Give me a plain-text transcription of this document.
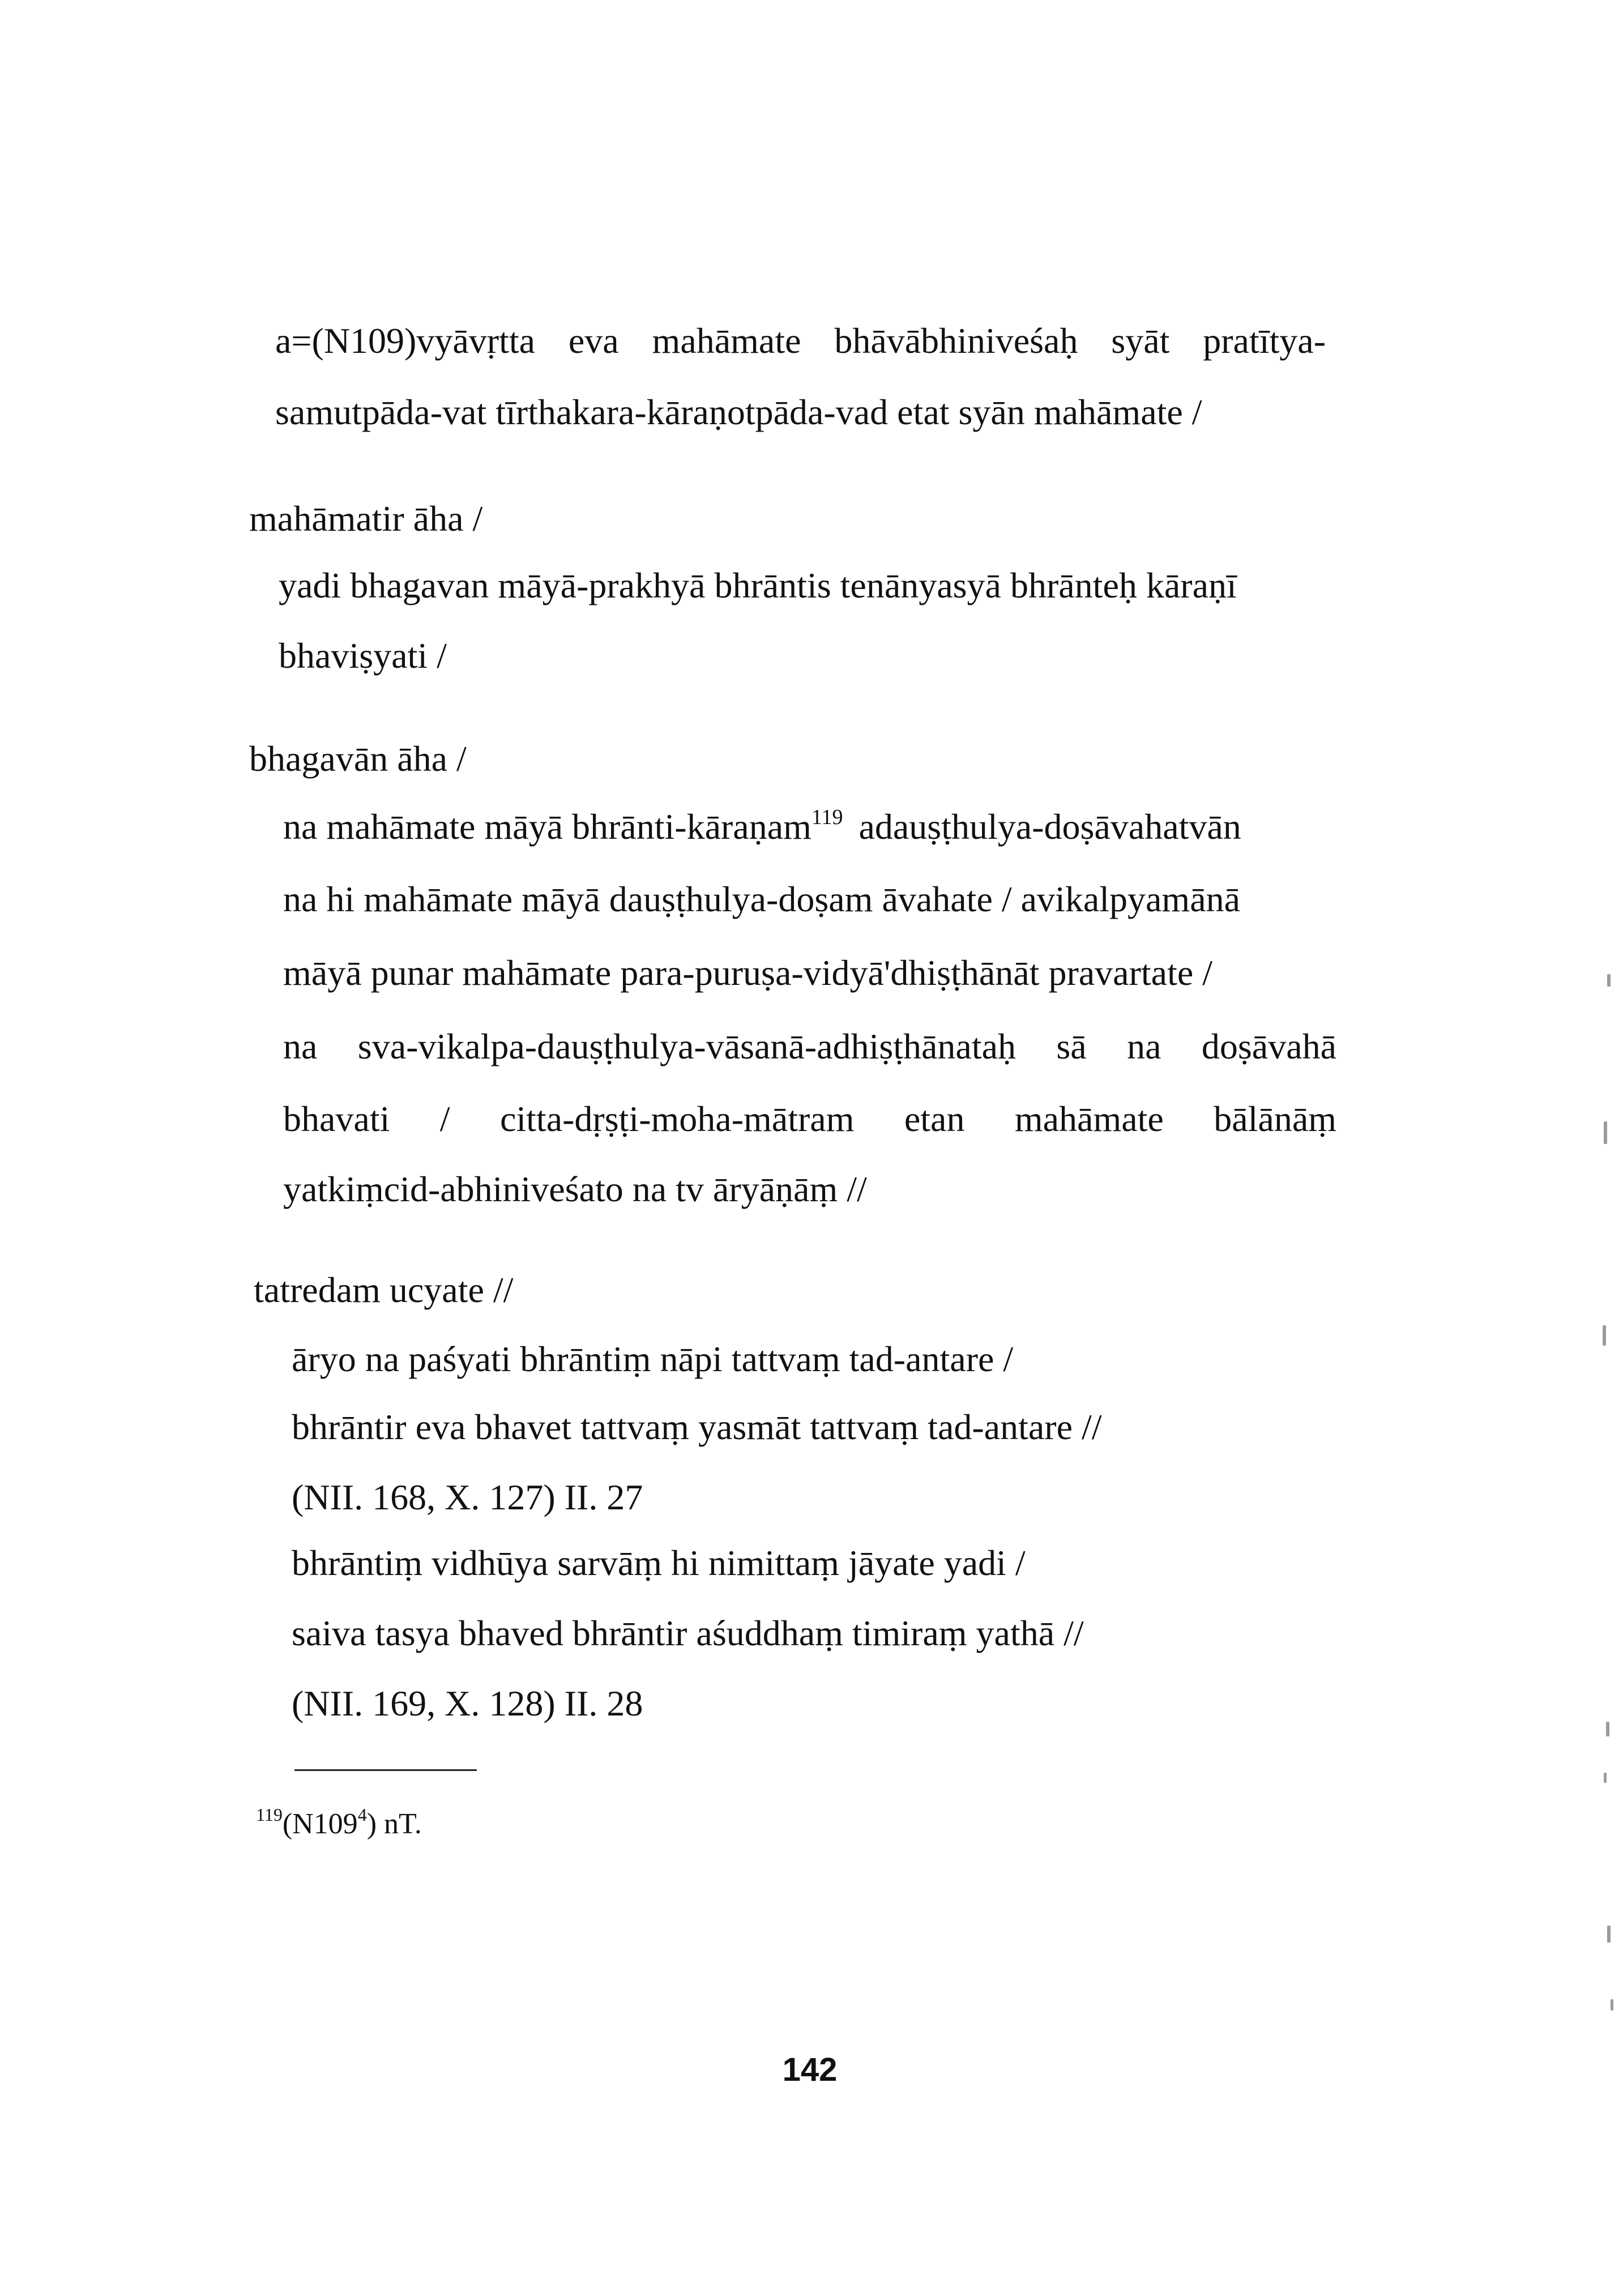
a=(N109)vyāvṛtta eva mahāmate bhāvābhiniveśaḥ syāt pratītya-
samutpāda-vat tīrthakara-kāraṇotpāda-vad etat syān mahāmate /
mahāmatir āha /
yadi bhagavan māyā-prakhyā bhrāntis tenānyasyā bhrānteḥ kāraṇī
bhaviṣyati /
bhagavān āha /
na mahāmate māyā bhrānti-kāraṇam$^{119}$ adauṣṭhulya-doṣāvahatvān
na hi mahāmate māyā dauṣṭhulya-doṣam āvahate / avikalpyamānā
māyā punar mahāmate para-puruṣa-vidyā'dhiṣṭhānāt pravartate /
na sva-vikalpa-dauṣṭhulya-vāsanā-adhiṣṭhānataḥ sā na doṣāvahā
bhavati / citta-dṛṣṭi-moha-mātram etan mahāmate bālānāṃ
yatkiṃcid-abhiniveśato na tv āryāṇāṃ //
tatredam ucyate //
āryo na paśyati bhrāntiṃ nāpi tattvaṃ tad-antare /
bhrāntir eva bhavet tattvaṃ yasmāt tattvaṃ tad-antare //
(NII. 168, X. 127) II. 27
bhrāntiṃ vidhūya sarvāṃ hi nimittaṃ jāyate yadi /
saiva tasya bhaved bhrāntir aśuddhaṃ timiraṃ yathā //
(NII. 169, X. 128) II. 28
$^{119}(N109^4)$ nT.
142
